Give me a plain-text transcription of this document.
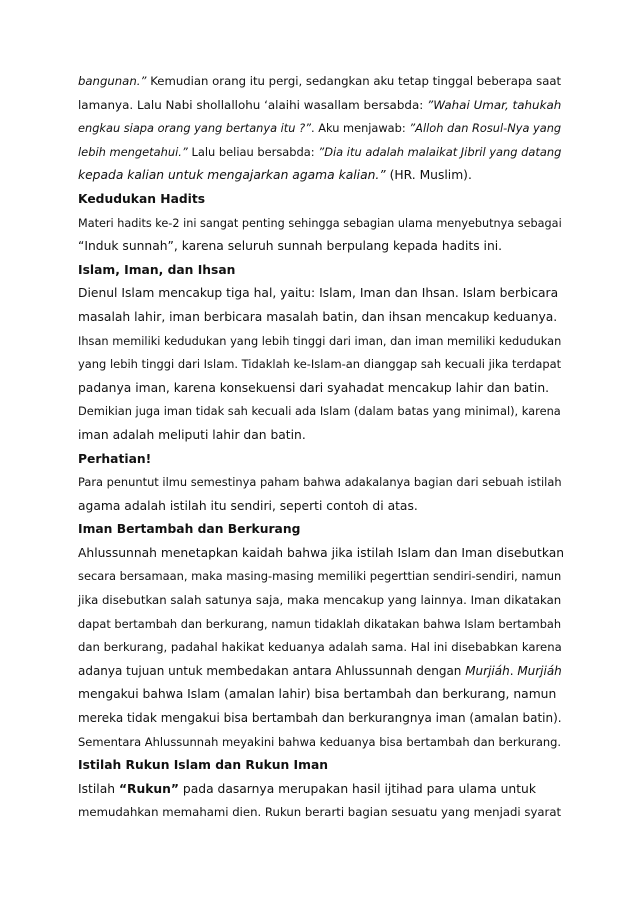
bangunan.” Kemudian orang itu pergi, sedangkan aku tetap tinggal beberapa saat
lamanya. Lalu Nabi shollallohu ‘alaihi wasallam bersabda: ”Wahai Umar, tahukah
engkau siapa orang yang bertanya itu ?”. Aku menjawab: ”Alloh dan Rosul-Nya yang
lebih mengetahui.” Lalu beliau bersabda: ”Dia itu adalah malaikat Jibril yang datang
kepada kalian untuk mengajarkan agama kalian.” (HR. Muslim).
Kedudukan Hadits
Materi hadits ke-2 ini sangat penting sehingga sebagian ulama menyebutnya sebagai
“Induk sunnah”, karena seluruh sunnah berpulang kepada hadits ini.
Islam, Iman, dan Ihsan
Dienul Islam mencakup tiga hal, yaitu: Islam, Iman dan Ihsan. Islam berbicara
masalah lahir, iman berbicara masalah batin, dan ihsan mencakup keduanya.
Ihsan memiliki kedudukan yang lebih tinggi dari iman, dan iman memiliki kedudukan
yang lebih tinggi dari Islam. Tidaklah ke-Islam-an dianggap sah kecuali jika terdapat
padanya iman, karena konsekuensi dari syahadat mencakup lahir dan batin.
Demikian juga iman tidak sah kecuali ada Islam (dalam batas yang minimal), karena
iman adalah meliputi lahir dan batin.
Perhatian!
Para penuntut ilmu semestinya paham bahwa adakalanya bagian dari sebuah istilah
agama adalah istilah itu sendiri, seperti contoh di atas.
Iman Bertambah dan Berkurang
Ahlussunnah menetapkan kaidah bahwa jika istilah Islam dan Iman disebutkan
secara bersamaan, maka masing-masing memiliki pegerttian sendiri-sendiri, namun
jika disebutkan salah satunya saja, maka mencakup yang lainnya. Iman dikatakan
dapat bertambah dan berkurang, namun tidaklah dikatakan bahwa Islam bertambah
dan berkurang, padahal hakikat keduanya adalah sama. Hal ini disebabkan karena
adanya tujuan untuk membedakan antara Ahlussunnah dengan Murjiáh. Murjiáh
mengakui bahwa Islam (amalan lahir) bisa bertambah dan berkurang, namun
mereka tidak mengakui bisa bertambah dan berkurangnya iman (amalan batin).
Sementara Ahlussunnah meyakini bahwa keduanya bisa bertambah dan berkurang.
Istilah Rukun Islam dan Rukun Iman
Istilah “Rukun” pada dasarnya merupakan hasil ijtihad para ulama untuk
memudahkan memahami dien. Rukun berarti bagian sesuatu yang menjadi syarat
